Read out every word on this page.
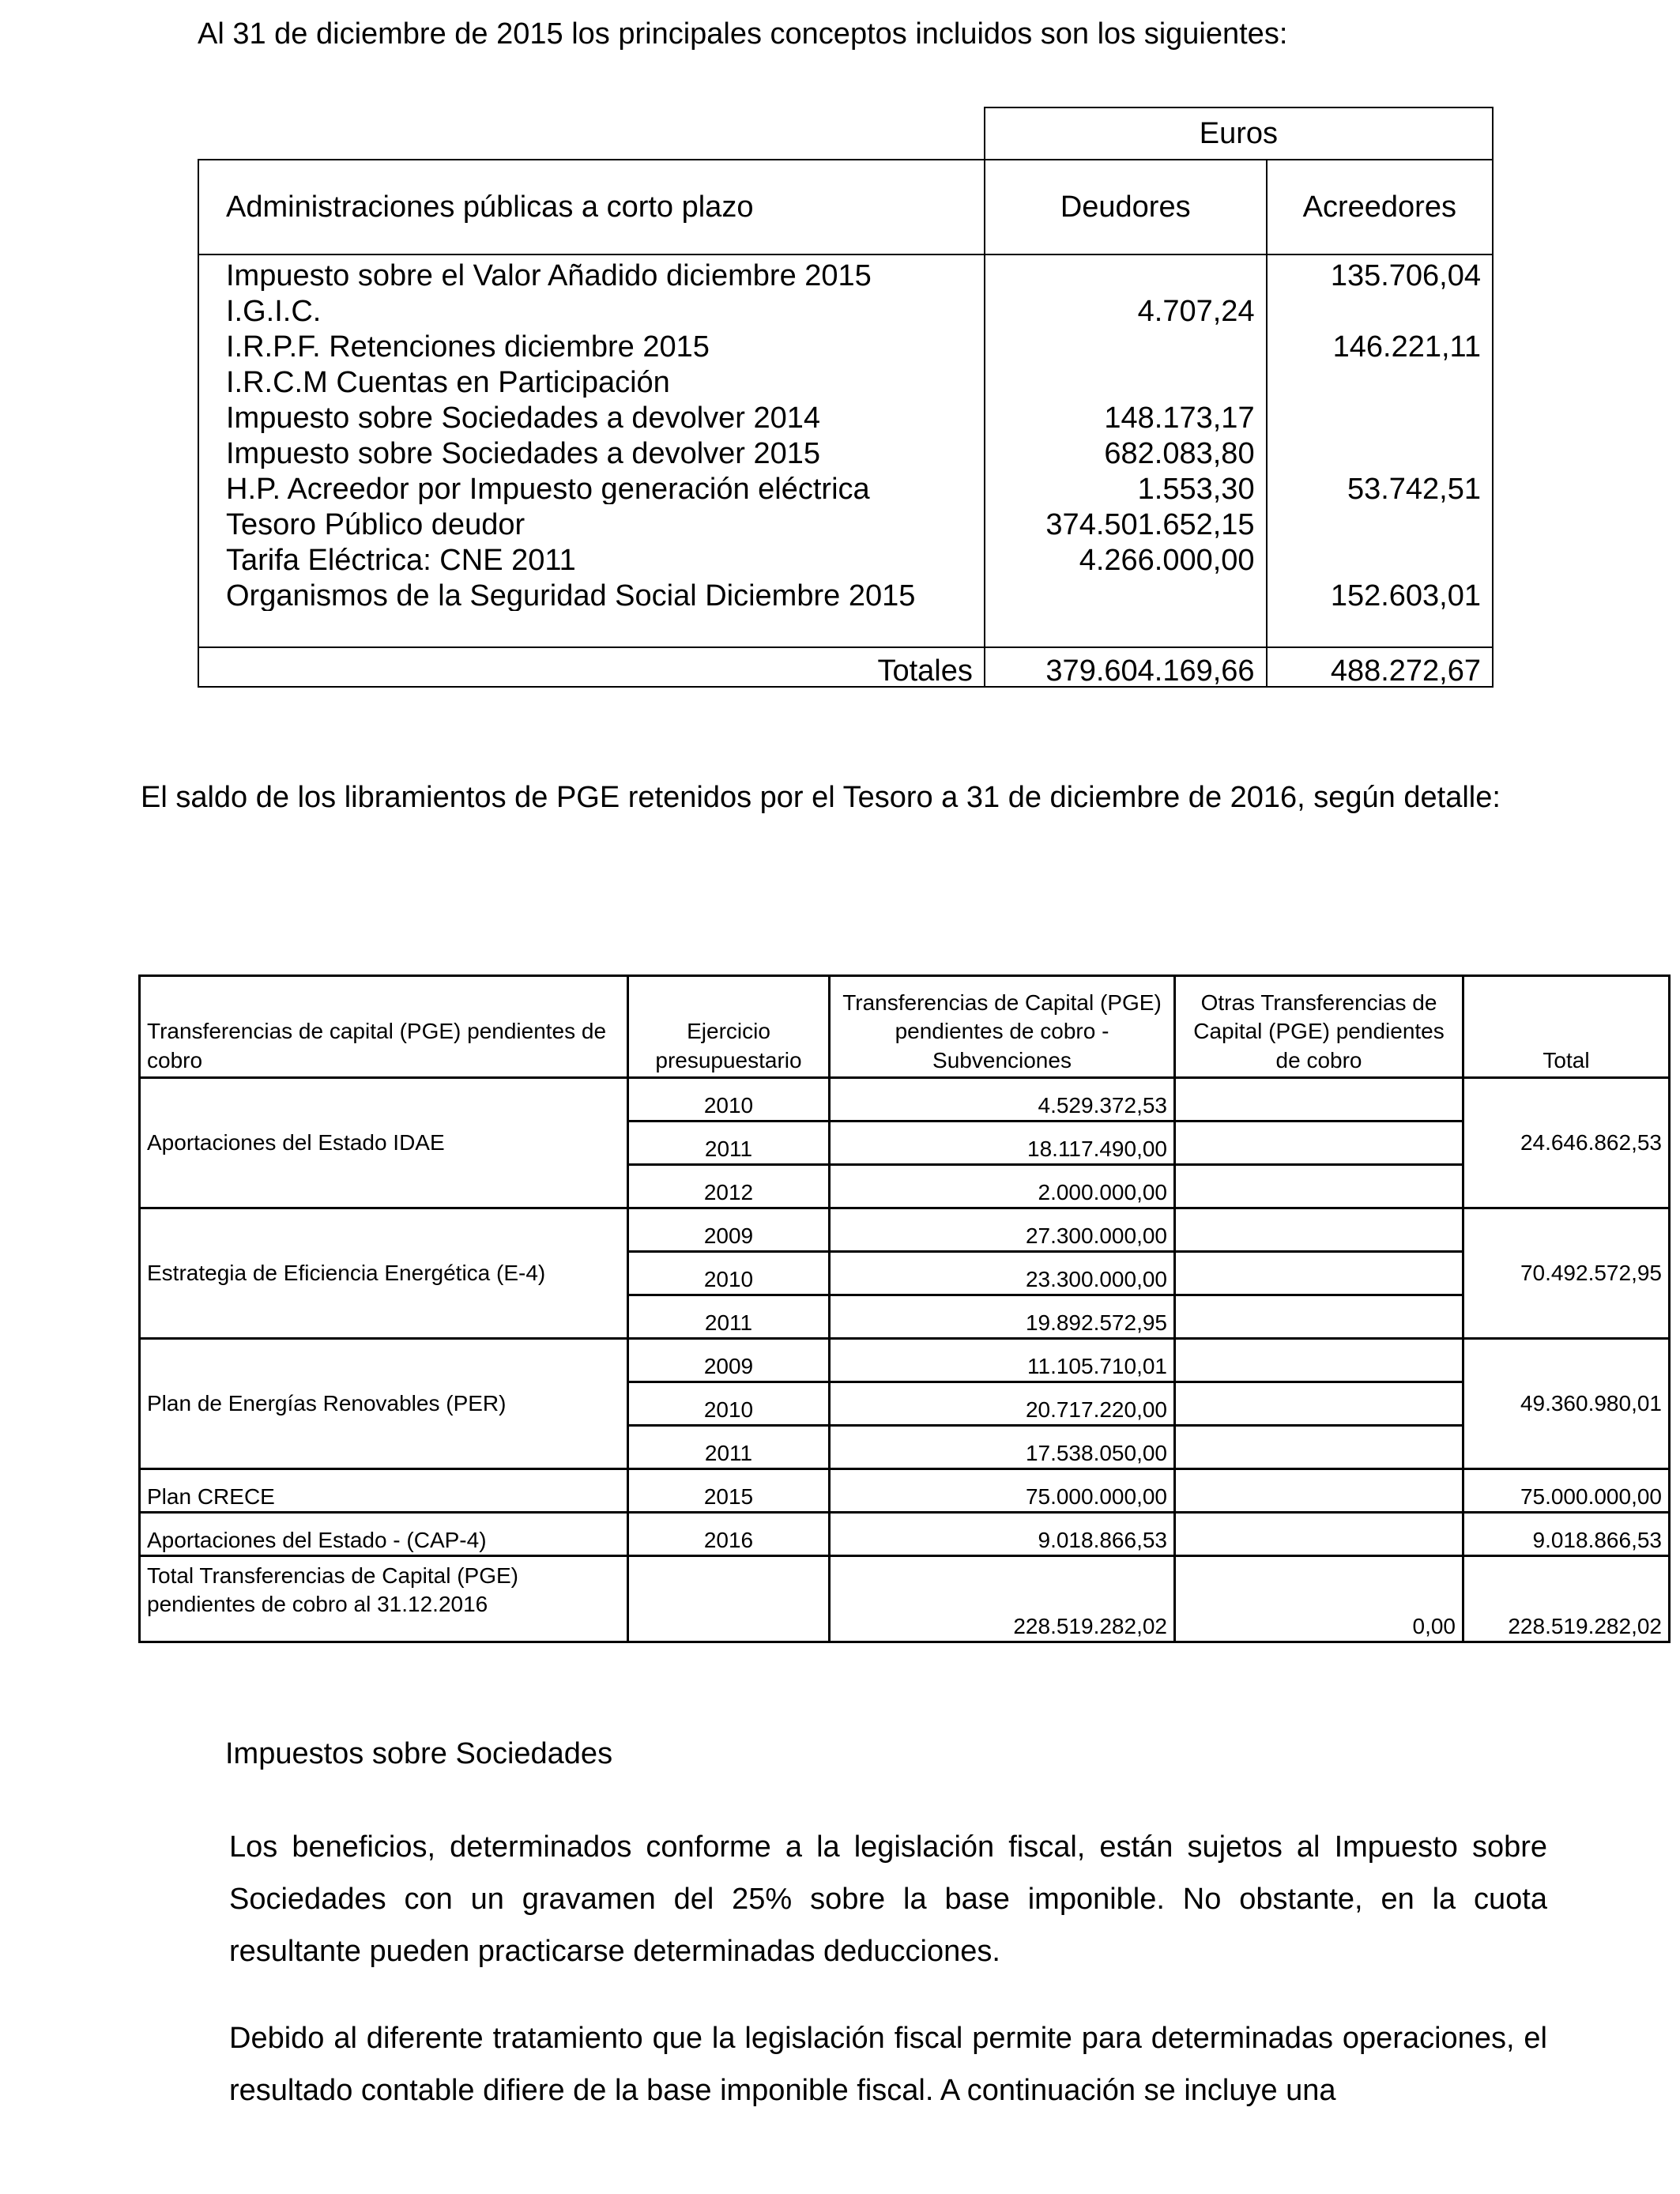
Al 31 de diciembre de 2015 los principales conceptos incluidos son los siguientes:
	Euros	
Administraciones públicas a corto plazo	Deudores	Acreedores
Impuesto sobre el Valor Añadido diciembre 2015		135.706,04
I.G.I.C.	4.707,24	
I.R.P.F. Retenciones diciembre 2015		146.221,11
I.R.C.M Cuentas en Participación		
Impuesto sobre Sociedades a devolver 2014	148.173,17	
Impuesto sobre Sociedades a devolver 2015	682.083,80	
H.P. Acreedor por Impuesto generación eléctrica	1.553,30	53.742,51
Tesoro Público deudor	374.501.652,15	
Tarifa Eléctrica: CNE 2011	4.266.000,00	
Organismos de la Seguridad Social Diciembre 2015		152.603,01

Totales	379.604.169,66	488.272,67

El saldo de los libramientos de PGE retenidos por el Tesoro a 31 de diciembre de 2016, según detalle:

Transferencias de capital (PGE) pendientes de cobro	Ejercicio presupuestario	Transferencias de Capital (PGE) pendientes de cobro - Subvenciones	Otras Transferencias de Capital (PGE) pendientes de cobro	Total
Aportaciones del Estado IDAE	2010	4.529.372,53		24.646.862,53
	2011	18.117.490,00		
	2012	2.000.000,00		
Estrategia de Eficiencia Energética (E-4)	2009	27.300.000,00		70.492.572,95
	2010	23.300.000,00		
	2011	19.892.572,95		
Plan de Energías Renovables (PER)	2009	11.105.710,01		49.360.980,01
	2010	20.717.220,00		
	2011	17.538.050,00		
Plan CRECE	2015	75.000.000,00		75.000.000,00
Aportaciones del Estado - (CAP-4)	2016	9.018.866,53		9.018.866,53
Total Transferencias de Capital (PGE) pendientes de cobro al 31.12.2016		228.519.282,02	0,00	228.519.282,02
Impuestos sobre Sociedades

Los beneficios, determinados conforme a la legislación fiscal, están sujetos al Impuesto sobre Sociedades con un gravamen del 25% sobre la base imponible. No obstante, en la cuota resultante pueden practicarse determinadas deducciones.

Debido al diferente tratamiento que la legislación fiscal permite para determinadas operaciones, el resultado contable difiere de la base imponible fiscal. A continuación se incluye una
